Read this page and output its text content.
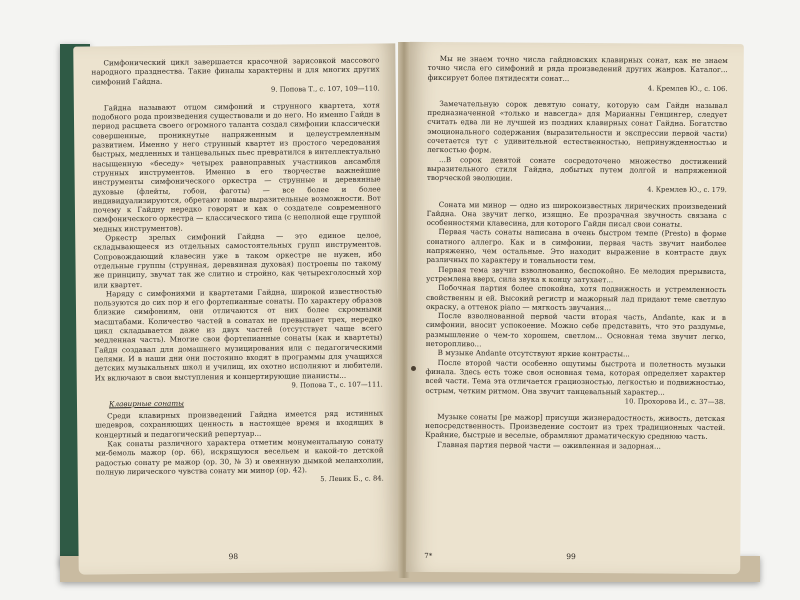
Симфонический цикл завершается красочной зарисовкой массового народного празднества. Такие финалы характерны и для многих других симфоний Гайдна.
9. Попова Т., с. 107, 109—110.
Гайдна называют отцом симфоний и струнного квартета, хотя подобного рода произведения существовали и до него. Но именно Гайдн в период расцвета своего огромного таланта создал симфонии классически совершенные, проникнутые напряженным и целеустремленным развитием. Именно у него струнный квартет из простого чередования быстрых, медленных и танцевальных пьес превратился в интеллектуально насыщенную «беседу» четырех равноправных участников ансамбля струнных инструментов. Именно в его творчестве важнейшие инструменты симфонического оркестра — струнные и деревянные духовые (флейты, гобои, фаготы) — все более и более индивидуализируются, обретают новые выразительные возможности. Вот почему к Гайдну нередко говорят и как о создателе современного симфонического оркестра — классического типа (с неполной еще группой медных инструментов).
Оркестр зрелых симфоний Гайдна — это единое целое, складывающееся из отдельных самостоятельных групп инструментов. Сопровождающий клавесин уже в таком оркестре не нужен, ибо отдельные группы (струнная, деревянная духовая) построены по такому же принципу, звучат так же слитно и стройно, как четырехголосный хор или квартет.
Наряду с симфониями и квартетами Гайдна, широкой известностью пользуются до сих пор и его фортепианные сонаты. По характеру образов близкие симфониям, они отличаются от них более скромными масштабами. Количество частей в сонатах не превышает трех, нередко цикл складывается даже из двух частей (отсутствует чаще всего медленная часть). Многие свои фортепианные сонаты (как и квартеты) Гайдн создавал для домашнего музицирования или с педагогическими целями. И в наши дни они постоянно входят в программы для учащихся детских музыкальных школ и училищ, их охотно исполняют и любители. Их включают в свои выступления и концертирующие пианисты...
9. Попова Т., с. 107—111.
Клавирные сонаты
Среди клавирных произведений Гайдна имеется ряд истинных шедевров, сохраняющих ценность в настоящее время и входящих в концертный и педагогический репертуар...
Как сонаты различного характера отметим монументальную сонату ми-бемоль мажор (ор. 66), искрящуюся весельем и какой-то детской радостью сонату ре мажор (ор. 30, № 3) и овеянную дымкой меланхолии, полную лирического чувства сонату ми минор (ор. 42).
5. Левик Б., с. 84.
98
Мы не знаем точно числа гайдновских клавирных сонат, как не знаем точно числа его симфоний и ряда произведений других жанров. Каталог... фиксирует более пятидесяти сонат...
4. Кремлев Ю., с. 106.
Замечательную сорок девятую сонату, которую сам Гайдн называл предназначенной «только и навсегда» для Марианны Генцингер, следует считать едва ли не лучшей из поздних клавирных сонат Гайдна. Богатство эмоционального содержания (выразительности и экспрессии первой части) сочетается тут с удивительной естественностью, непринужденностью и легкостью форм.
...В сорок девятой сонате сосредоточено множество достижений выразительного стиля Гайдна, добытых путем долгой и напряженной творческой эволюции.
4. Кремлев Ю., с. 179.
Соната ми минор — одно из широкоизвестных лирических произведений Гайдна. Она звучит легко, изящно. Ее прозрачная звучность связана с особенностями клавесина, для которого Гайдн писал свои сонаты.
Первая часть сонаты написана в очень быстром темпе (Presto) в форме сонатного аллегро. Как и в симфонии, первая часть звучит наиболее напряженно, чем остальные. Это находит выражение в контрасте двух различных по характеру и тональности тем.
Первая тема звучит взволнованно, беспокойно. Ее мелодия прерывиста, устремлена вверх, сила звука к концу затухает...
Побочная партия более спокойна, хотя подвижность и устремленность свойственны и ей. Высокий регистр и мажорный лад придают теме светлую окраску, а оттенок piano — мягкость звучания...
После взволнованной первой части вторая часть, Andante, как и в симфонии, вносит успокоение. Можно себе представить, что это раздумье, размышление о чем-то хорошем, светлом... Основная тема звучит легко, неторопливо...
В музыке Andante отсутствуют яркие контрасты...
После второй части особенно ощутимы быстрота и полетность музыки финала. Здесь есть тоже своя основная тема, которая определяет характер всей части. Тема эта отличается грациозностью, легкостью и подвижностью, острым, четким ритмом. Она звучит танцевальный характер...
10. Прохорова И., с. 37—38.
Музыке сонаты [ре мажор] присущи жизнерадостность, живость, детская непосредственность. Произведение состоит из трех традиционных частей. Крайние, быстрые и веселые, обрамляют драматическую среднюю часть.
Главная партия первой части — оживленная и задорная...
7*	99
